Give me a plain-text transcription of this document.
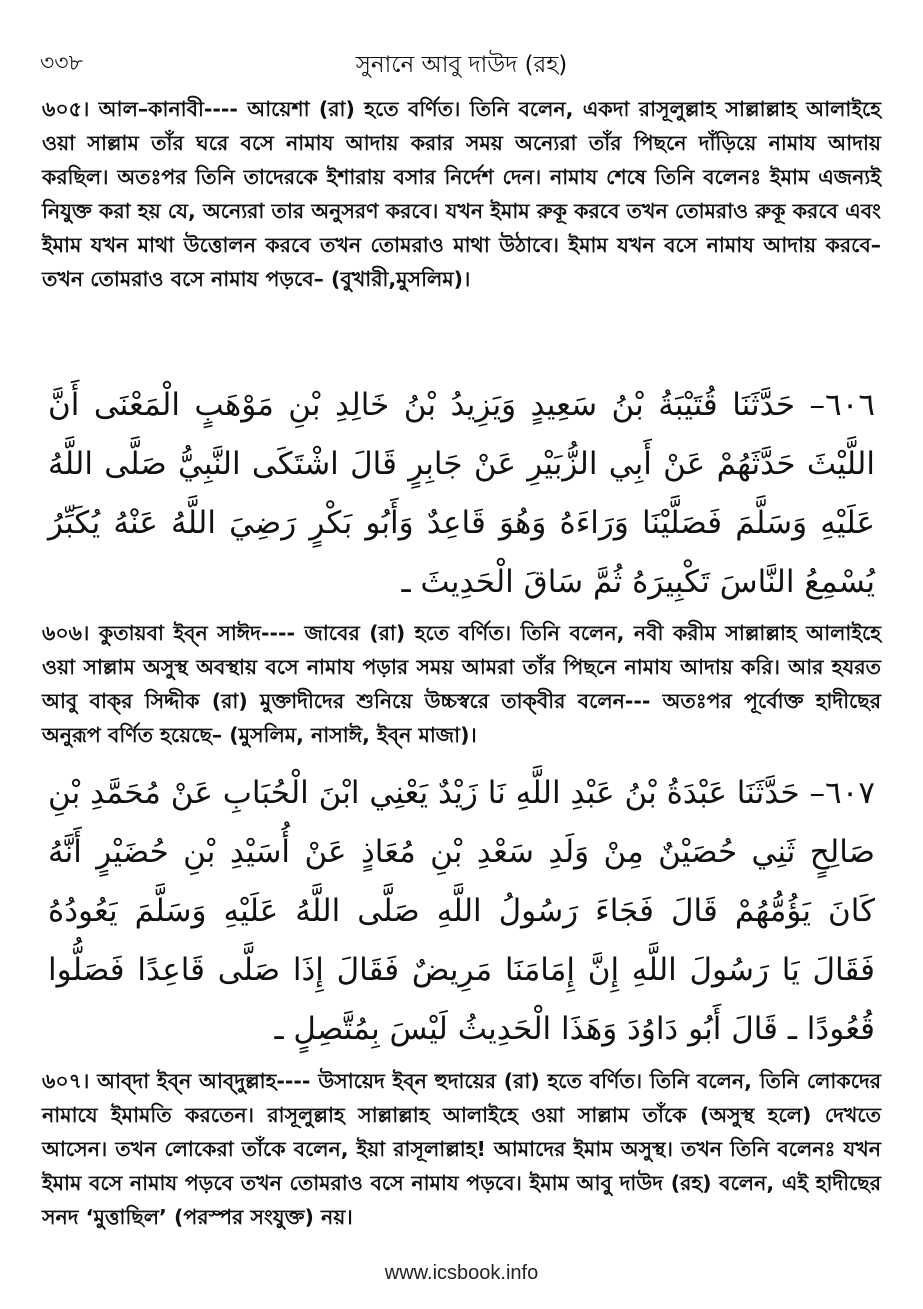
৩৩৮	সুনানে আবু দাউদ (রহ)

৬০৫। আল–কানাবী---- আয়েশা (রা) হতে বর্ণিত। তিনি বলেন, একদা রাসূলুল্লাহ সাল্লাল্লাহ আলাইহে ওয়া সাল্লাম তাঁর ঘরে বসে নামায আদায় করার সময় অন্যেরা তাঁর পিছনে দাঁড়িয়ে নামায আদায় করছিল। অতঃপর তিনি তাদেরকে ইশারায় বসার নির্দেশ দেন। নামায শেষে তিনি বলেনঃ ইমাম এজন্যই নিযুক্ত করা হয় যে, অন্যেরা তার অনুসরণ করবে। যখন ইমাম রুকূ করবে তখন তোমরাও রুকূ করবে এবং ইমাম যখন মাথা উত্তোলন করবে তখন তোমরাও মাথা উঠাবে। ইমাম যখন বসে নামায আদায় করবে– তখন তোমরাও বসে নামায পড়বে– (বুখারী,মুসলিম)।

٦٠٦– حَدَّثَنَا قُتَيْبَةُ بْنُ سَعِيدٍ وَيَزِيدُ بْنُ خَالِدِ بْنِ مَوْهَبٍ الْمَعْنَى أَنَّ اللَّيْثَ حَدَّثَهُمْ عَنْ أَبِي الزُّبَيْرِ عَنْ جَابِرٍ قَالَ اشْتَكَى النَّبِيُّ صَلَّى اللَّهُ عَلَيْهِ وَسَلَّمَ فَصَلَّيْنَا وَرَاءَهُ وَهُوَ قَاعِدٌ وَأَبُو بَكْرٍ رَضِيَ اللَّهُ عَنْهُ يُكَبِّرُ يُسْمِعُ النَّاسَ تَكْبِيرَهُ ثُمَّ سَاقَ الْحَدِيثَ ـ

৬০৬। কুতায়বা ইব্‌ন সাঈদ---- জাবের (রা) হতে বর্ণিত। তিনি বলেন, নবী করীম সাল্লাল্লাহ আলাইহে ওয়া সাল্লাম অসুস্থ অবস্থায় বসে নামায পড়ার সময় আমরা তাঁর পিছনে নামায আদায় করি। আর হযরত আবু বাক্‌র সিদ্দীক (রা) মুক্তাদীদের শুনিয়ে উচ্চস্বরে তাক্‌বীর বলেন--- অতঃপর পূর্বোক্ত হাদীছের অনুরূপ বর্ণিত হয়েছে– (মুসলিম, নাসাঈ, ইব্‌ন মাজা)।

٦٠٧– حَدَّثَنَا عَبْدَةُ بْنُ عَبْدِ اللَّهِ نَا زَيْدٌ يَعْنِي ابْنَ الْحُبَابِ عَنْ مُحَمَّدِ بْنِ صَالِحٍ ثَنِي حُصَيْنٌ مِنْ وَلَدِ سَعْدِ بْنِ مُعَاذٍ عَنْ أُسَيْدِ بْنِ حُضَيْرٍ أَنَّهُ كَانَ يَؤُمُّهُمْ قَالَ فَجَاءَ رَسُولُ اللَّهِ صَلَّى اللَّهُ عَلَيْهِ وَسَلَّمَ يَعُودُهُ فَقَالَ يَا رَسُولَ اللَّهِ إِنَّ إِمَامَنَا مَرِيضٌ فَقَالَ إِذَا صَلَّى قَاعِدًا فَصَلُّوا قُعُودًا ـ قَالَ أَبُو دَاوُدَ وَهَذَا الْحَدِيثُ لَيْسَ بِمُتَّصِلٍ ـ

৬০৭। আব্‌দা ইব্‌ন আব্‌দুল্লাহ---- উসায়েদ ইব্‌ন হুদায়ের (রা) হতে বর্ণিত। তিনি বলেন, তিনি লোকদের নামাযে ইমামতি করতেন। রাসূলুল্লাহ সাল্লাল্লাহ আলাইহে ওয়া সাল্লাম তাঁকে (অসুস্থ হলে) দেখতে আসেন। তখন লোকেরা তাঁকে বলেন, ইয়া রাসূলাল্লাহ! আমাদের ইমাম অসুস্থ। তখন তিনি বলেনঃ যখন ইমাম বসে নামায পড়বে তখন তোমরাও বসে নামায পড়বে। ইমাম আবু দাউদ (রহ) বলেন, এই হাদীছের সনদ ‘মুত্তাছিল’ (পরস্পর সংযুক্ত) নয়।

www.icsbook.info
